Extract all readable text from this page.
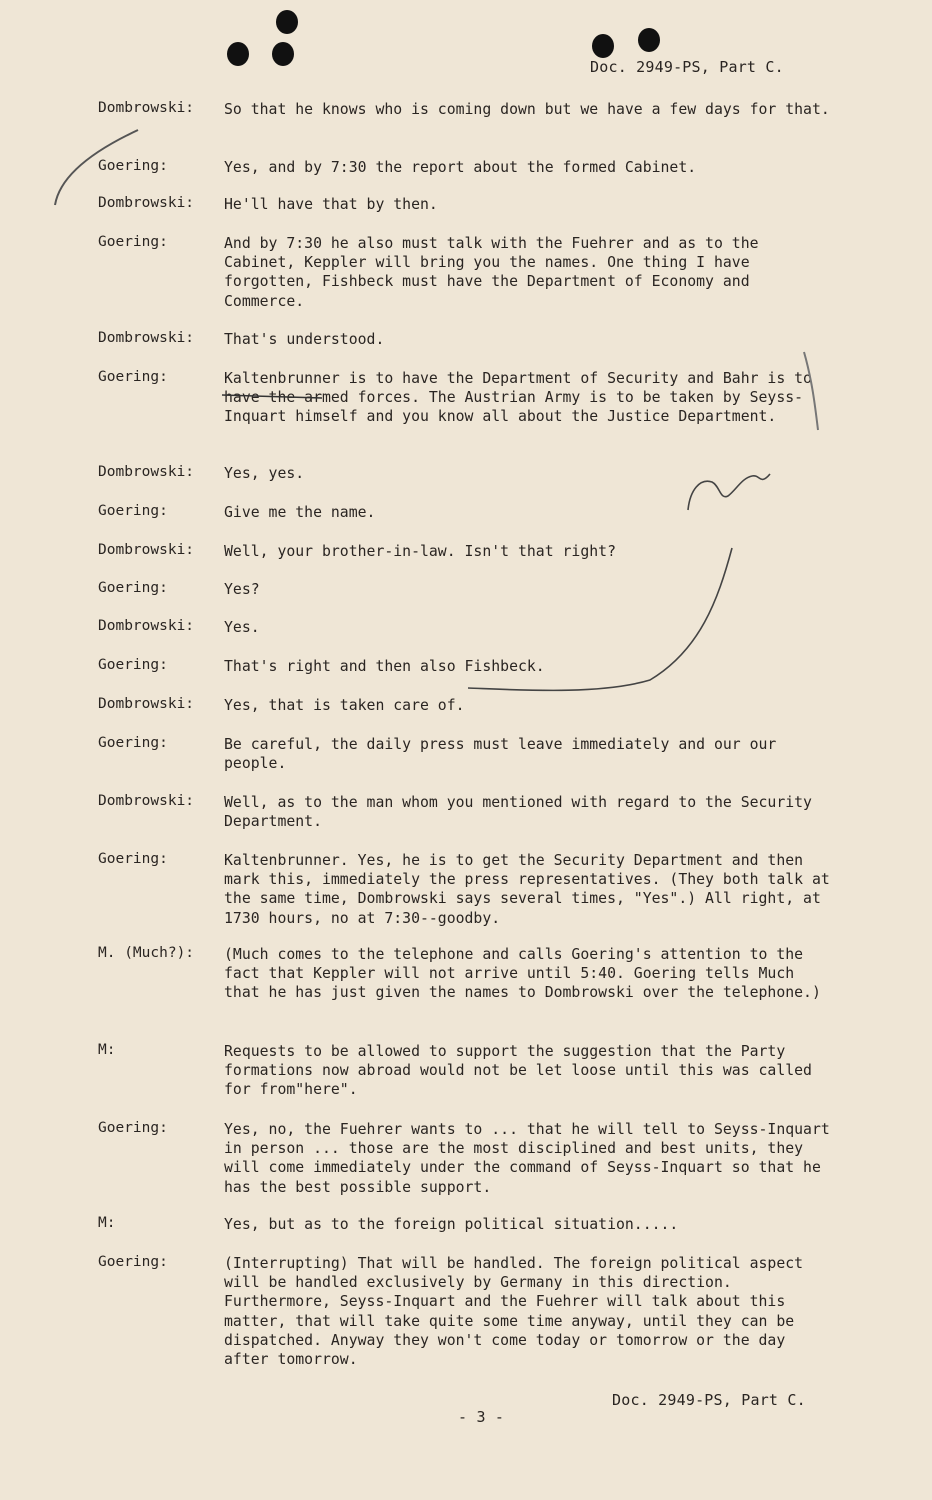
Doc. 2949-PS, Part C.
Dombrowski: So that he knows who is coming down but we have a few days for that.

Goering:	Yes, and by 7:30 the report about the formed Cabinet.

Dombrowski: He'll have that by then.

Goering:	And by 7:30 he also must talk with the Fuehrer and as to the Cabinet, Keppler will bring you the names. One thing I have forgotten, Fishbeck must have the Department of Economy and Commerce.

Dombrowski: That's understood.

Goering:	Kaltenbrunner is to have the Department of Security and Bahr is to have the armed forces. The Austrian Army is to be taken by Seyss-Inquart himself and you know all about the Justice Department.

Dombrowski: Yes, yes.

Goering:	Give me the name.

Dombrowski: Well, your brother-in-law. Isn't that right?

Goering:	Yes?

Dombrowski: Yes.

Goering:	That's right and then also Fishbeck.

Dombrowski: Yes, that is taken care of.

Goering:	Be careful, the daily press must leave immediately and our our people.

Dombrowski: Well, as to the man whom you mentioned with regard to the Security Department.

Goering:	Kaltenbrunner. Yes, he is to get the Security Department and then mark this, immediately the press representatives. (They both talk at the same time, Dombrowski says several times, "Yes".) All right, at 1730 hours, no at 7:30--goodby.

M. (Much?): (Much comes to the telephone and calls Goering's attention to the fact that Keppler will not arrive until 5:40. Goering tells Much that he has just given the names to Dombrowski over the telephone.)

M:	Requests to be allowed to support the suggestion that the Party formations now abroad would not be let loose until this was called for from"here".

Goering:	Yes, no, the Fuehrer wants to ... that he will tell to Seyss-Inquart in person ... those are the most disciplined and best units, they will come immediately under the command of Seyss-Inquart so that he has the best possible support.

M:	Yes, but as to the foreign political situation.....

Goering:	(Interrupting) That will be handled. The foreign political aspect will be handled exclusively by Germany in this direction. Furthermore, Seyss-Inquart and the Fuehrer will talk about this matter, that will take quite some time anyway, until they can be dispatched. Anyway they won't come today or tomorrow or the day after tomorrow.

Doc. 2949-PS, Part C.
- 3 -
